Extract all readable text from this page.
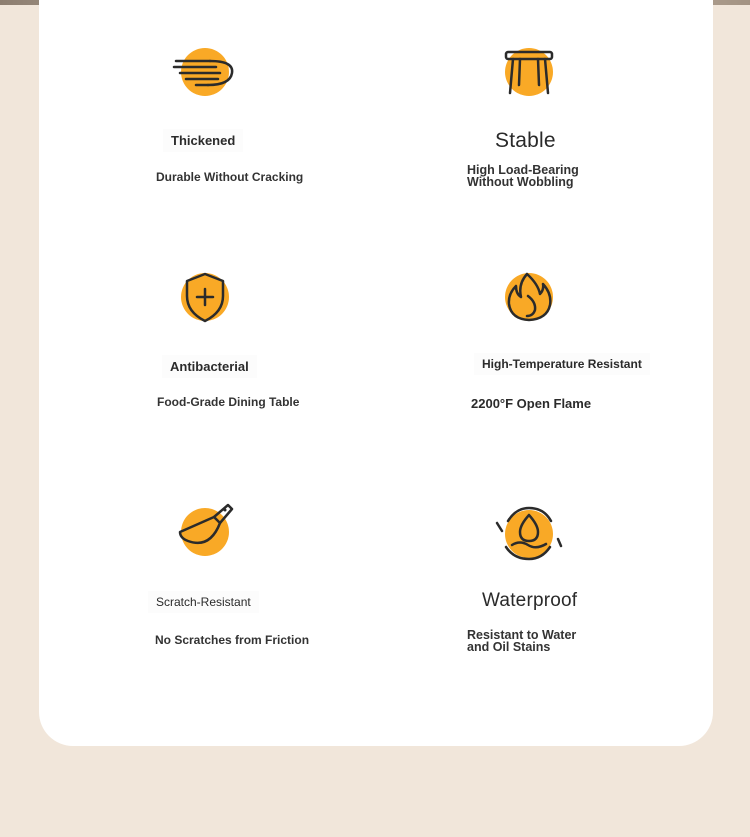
Thickened
Durable Without Cracking
Stable
High Load-Bearing
Without Wobbling
Antibacterial
Food-Grade Dining Table
High-Temperature Resistant
2200°F Open Flame
Scratch-Resistant
No Scratches from Friction
Waterproof
Resistant to Water
and Oil Stains
